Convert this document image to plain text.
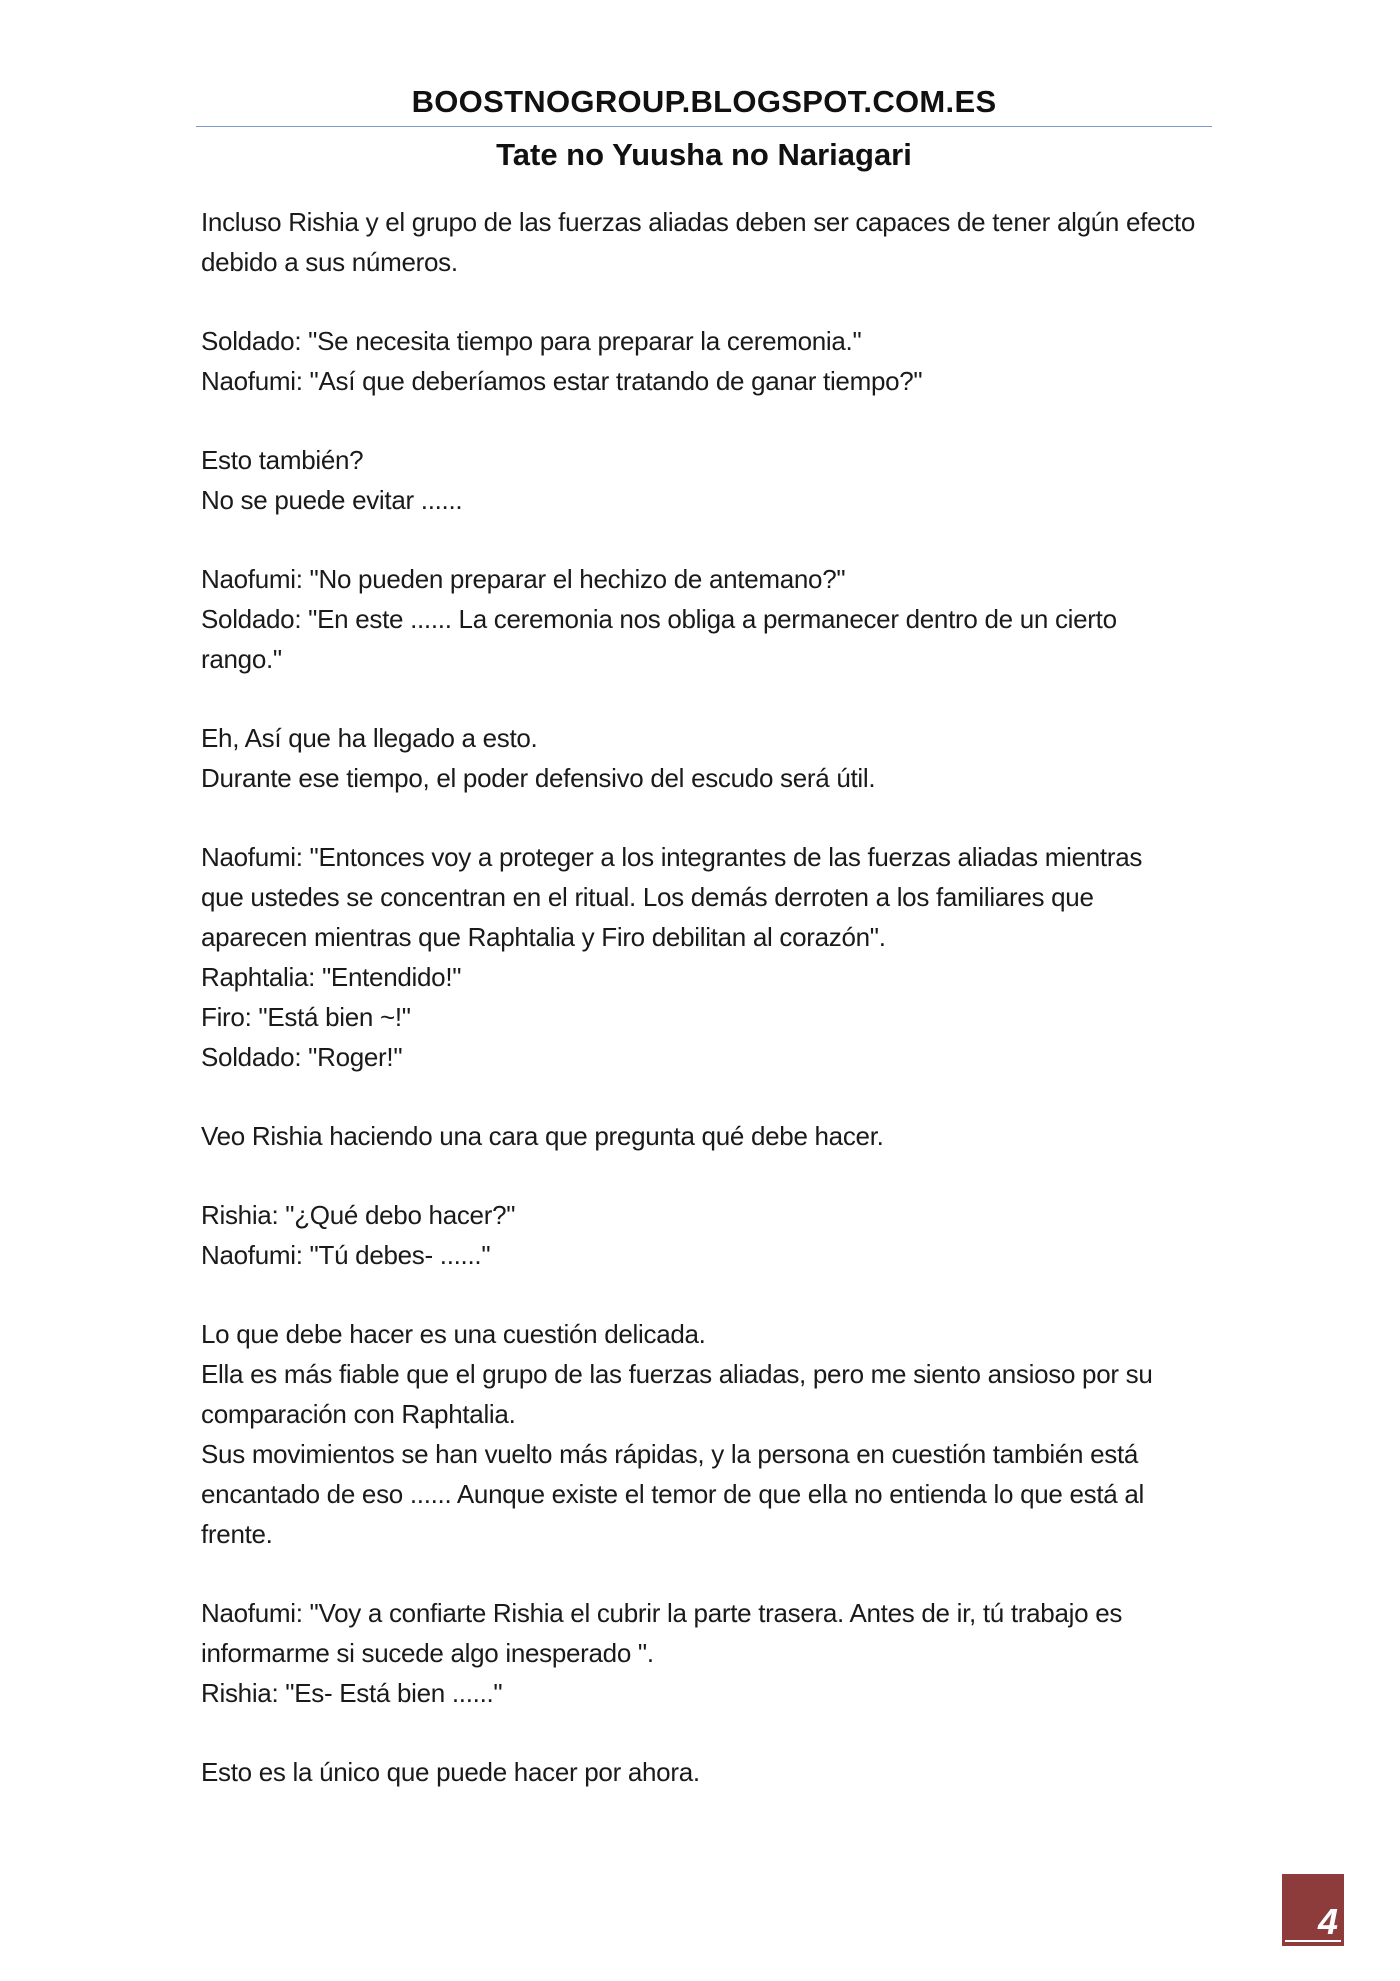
BOOSTNOGROUP.BLOGSPOT.COM.ES
Tate no Yuusha no Nariagari
Incluso Rishia y el grupo de las fuerzas aliadas deben ser capaces de tener algún efecto
debido a sus números.
Soldado: "Se necesita tiempo para preparar la ceremonia."
Naofumi: "Así que deberíamos estar tratando de ganar tiempo?"
Esto también?
No se puede evitar ......
Naofumi: "No pueden preparar el hechizo de antemano?"
Soldado: "En este ...... La ceremonia nos obliga a permanecer dentro de un cierto
rango."
Eh, Así que ha llegado a esto.
Durante ese tiempo, el poder defensivo del escudo será útil.
Naofumi: "Entonces voy a proteger a los integrantes de las fuerzas aliadas mientras
que ustedes se concentran en el ritual. Los demás derroten a los familiares que
aparecen mientras que Raphtalia y Firo debilitan al corazón".
Raphtalia: "Entendido!"
Firo: "Está bien ~!"
Soldado: "Roger!"
Veo Rishia haciendo una cara que pregunta qué debe hacer.
Rishia: "¿Qué debo hacer?"
Naofumi: "Tú debes- ......"
Lo que debe hacer es una cuestión delicada.
Ella es más fiable que el grupo de las fuerzas aliadas, pero me siento ansioso por su
comparación con Raphtalia.
Sus movimientos se han vuelto más rápidas, y la persona en cuestión también está
encantado de eso ...... Aunque existe el temor de que ella no entienda lo que está al
frente.
Naofumi: "Voy a confiarte Rishia el cubrir la parte trasera. Antes de ir, tú trabajo es
informarme si sucede algo inesperado ".
Rishia: "Es- Está bien ......"
Esto es la único que puede hacer por ahora.
4
